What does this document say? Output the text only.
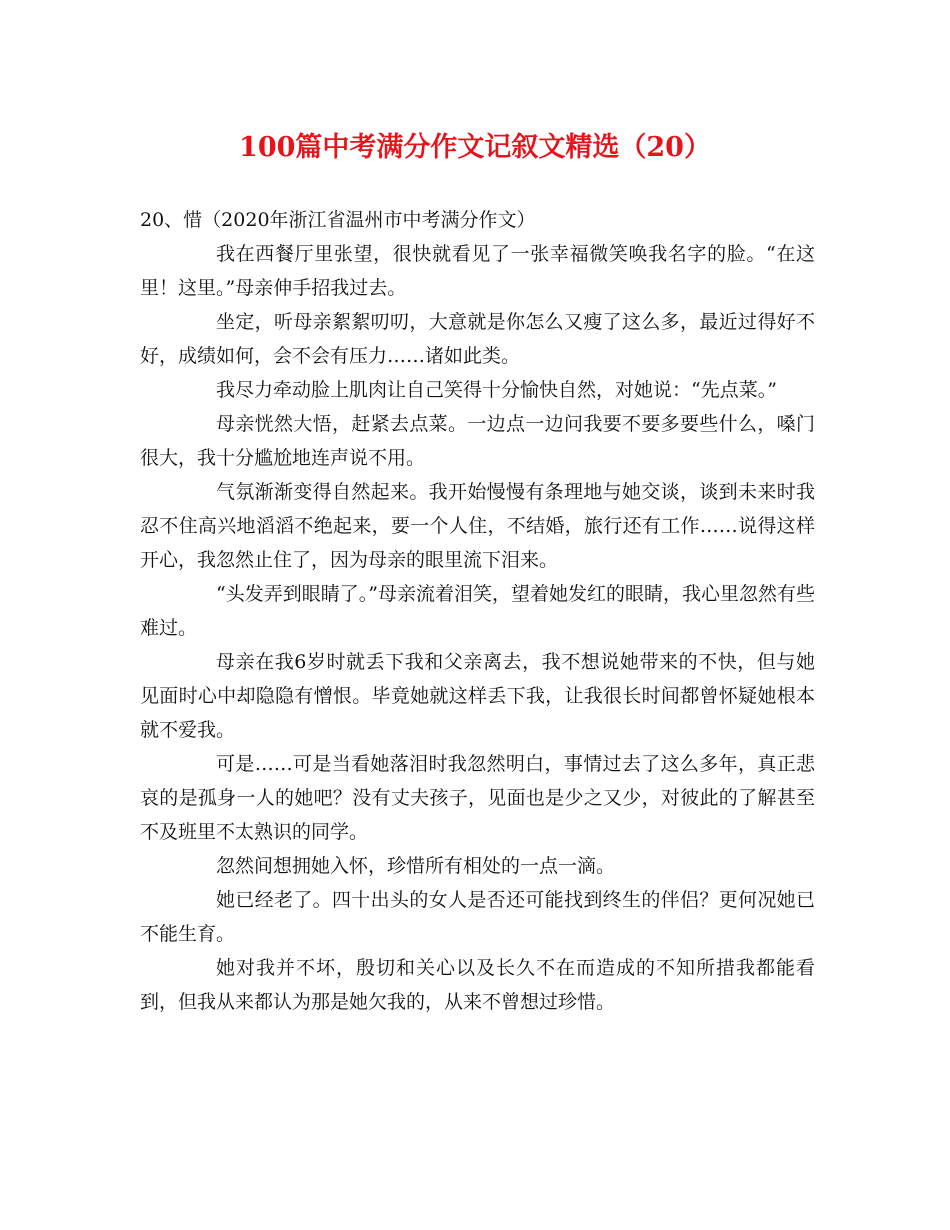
100篇中考满分作文记叙文精选（20）

20、惜（2020年浙江省温州市中考满分作文）

我在西餐厅里张望，很快就看见了一张幸福微笑唤我名字的脸。“在这里！这里。”母亲伸手招我过去。

坐定，听母亲絮絮叨叨，大意就是你怎么又瘦了这么多，最近过得好不好，成绩如何，会不会有压力……诸如此类。

我尽力牵动脸上肌肉让自己笑得十分愉快自然，对她说：“先点菜。”

母亲恍然大悟，赶紧去点菜。一边点一边问我要不要多要些什么，嗓门很大，我十分尴尬地连声说不用。

气氛渐渐变得自然起来。我开始慢慢有条理地与她交谈，谈到未来时我忍不住高兴地滔滔不绝起来，要一个人住，不结婚，旅行还有工作……说得这样开心，我忽然止住了，因为母亲的眼里流下泪来。

“头发弄到眼睛了。”母亲流着泪笑，望着她发红的眼睛，我心里忽然有些难过。

母亲在我6岁时就丢下我和父亲离去，我不想说她带来的不快，但与她见面时心中却隐隐有憎恨。毕竟她就这样丢下我，让我很长时间都曾怀疑她根本就不爱我。

可是……可是当看她落泪时我忽然明白，事情过去了这么多年，真正悲哀的是孤身一人的她吧？没有丈夫孩子，见面也是少之又少，对彼此的了解甚至不及班里不太熟识的同学。

忽然间想拥她入怀，珍惜所有相处的一点一滴。

她已经老了。四十出头的女人是否还可能找到终生的伴侣？更何况她已不能生育。

她对我并不坏，殷切和关心以及长久不在而造成的不知所措我都能看到，但我从来都认为那是她欠我的，从来不曾想过珍惜。
